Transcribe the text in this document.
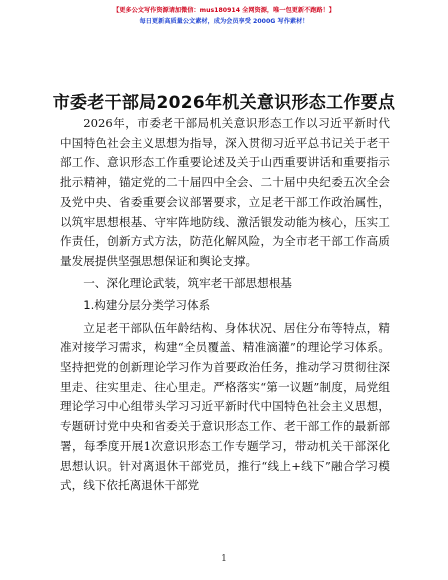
【更多公文写作资源请加微信：mus180914 全网资源，唯一包更新不跑路！】
每日更新高质量公文素材，成为会员享受 2000G 写作素材！
市委老干部局2026年机关意识形态工作要点

2026年，市委老干部局机关意识形态工作以习近平新时代中国特色社会主义思想为指导，深入贯彻习近平总书记关于老干部工作、意识形态工作重要论述及关于山西重要讲话和重要指示批示精神，锚定党的二十届四中全会、二十届中央纪委五次全会及党中央、省委重要会议部署要求，立足老干部工作政治属性，以筑牢思想根基、守牢阵地防线、激活银发动能为核心，压实工作责任，创新方式方法，防范化解风险，为全市老干部工作高质量发展提供坚强思想保证和舆论支撑。

一、深化理论武装，筑牢老干部思想根基

1.构建分层分类学习体系

立足老干部队伍年龄结构、身体状况、居住分布等特点，精准对接学习需求，构建“全员覆盖、精准滴灌”的理论学习体系。坚持把党的创新理论学习作为首要政治任务，推动学习贯彻往深里走、往实里走、往心里走。严格落实“第一议题”制度，局党组理论学习中心组带头学习习近平新时代中国特色社会主义思想，专题研讨党中央和省委关于意识形态工作、老干部工作的最新部署，每季度开展1次意识形态工作专题学习，带动机关干部深化思想认识。针对离退休干部党员，推行“线上+线下”融合学习模式，线下依托离退休干部党

1
